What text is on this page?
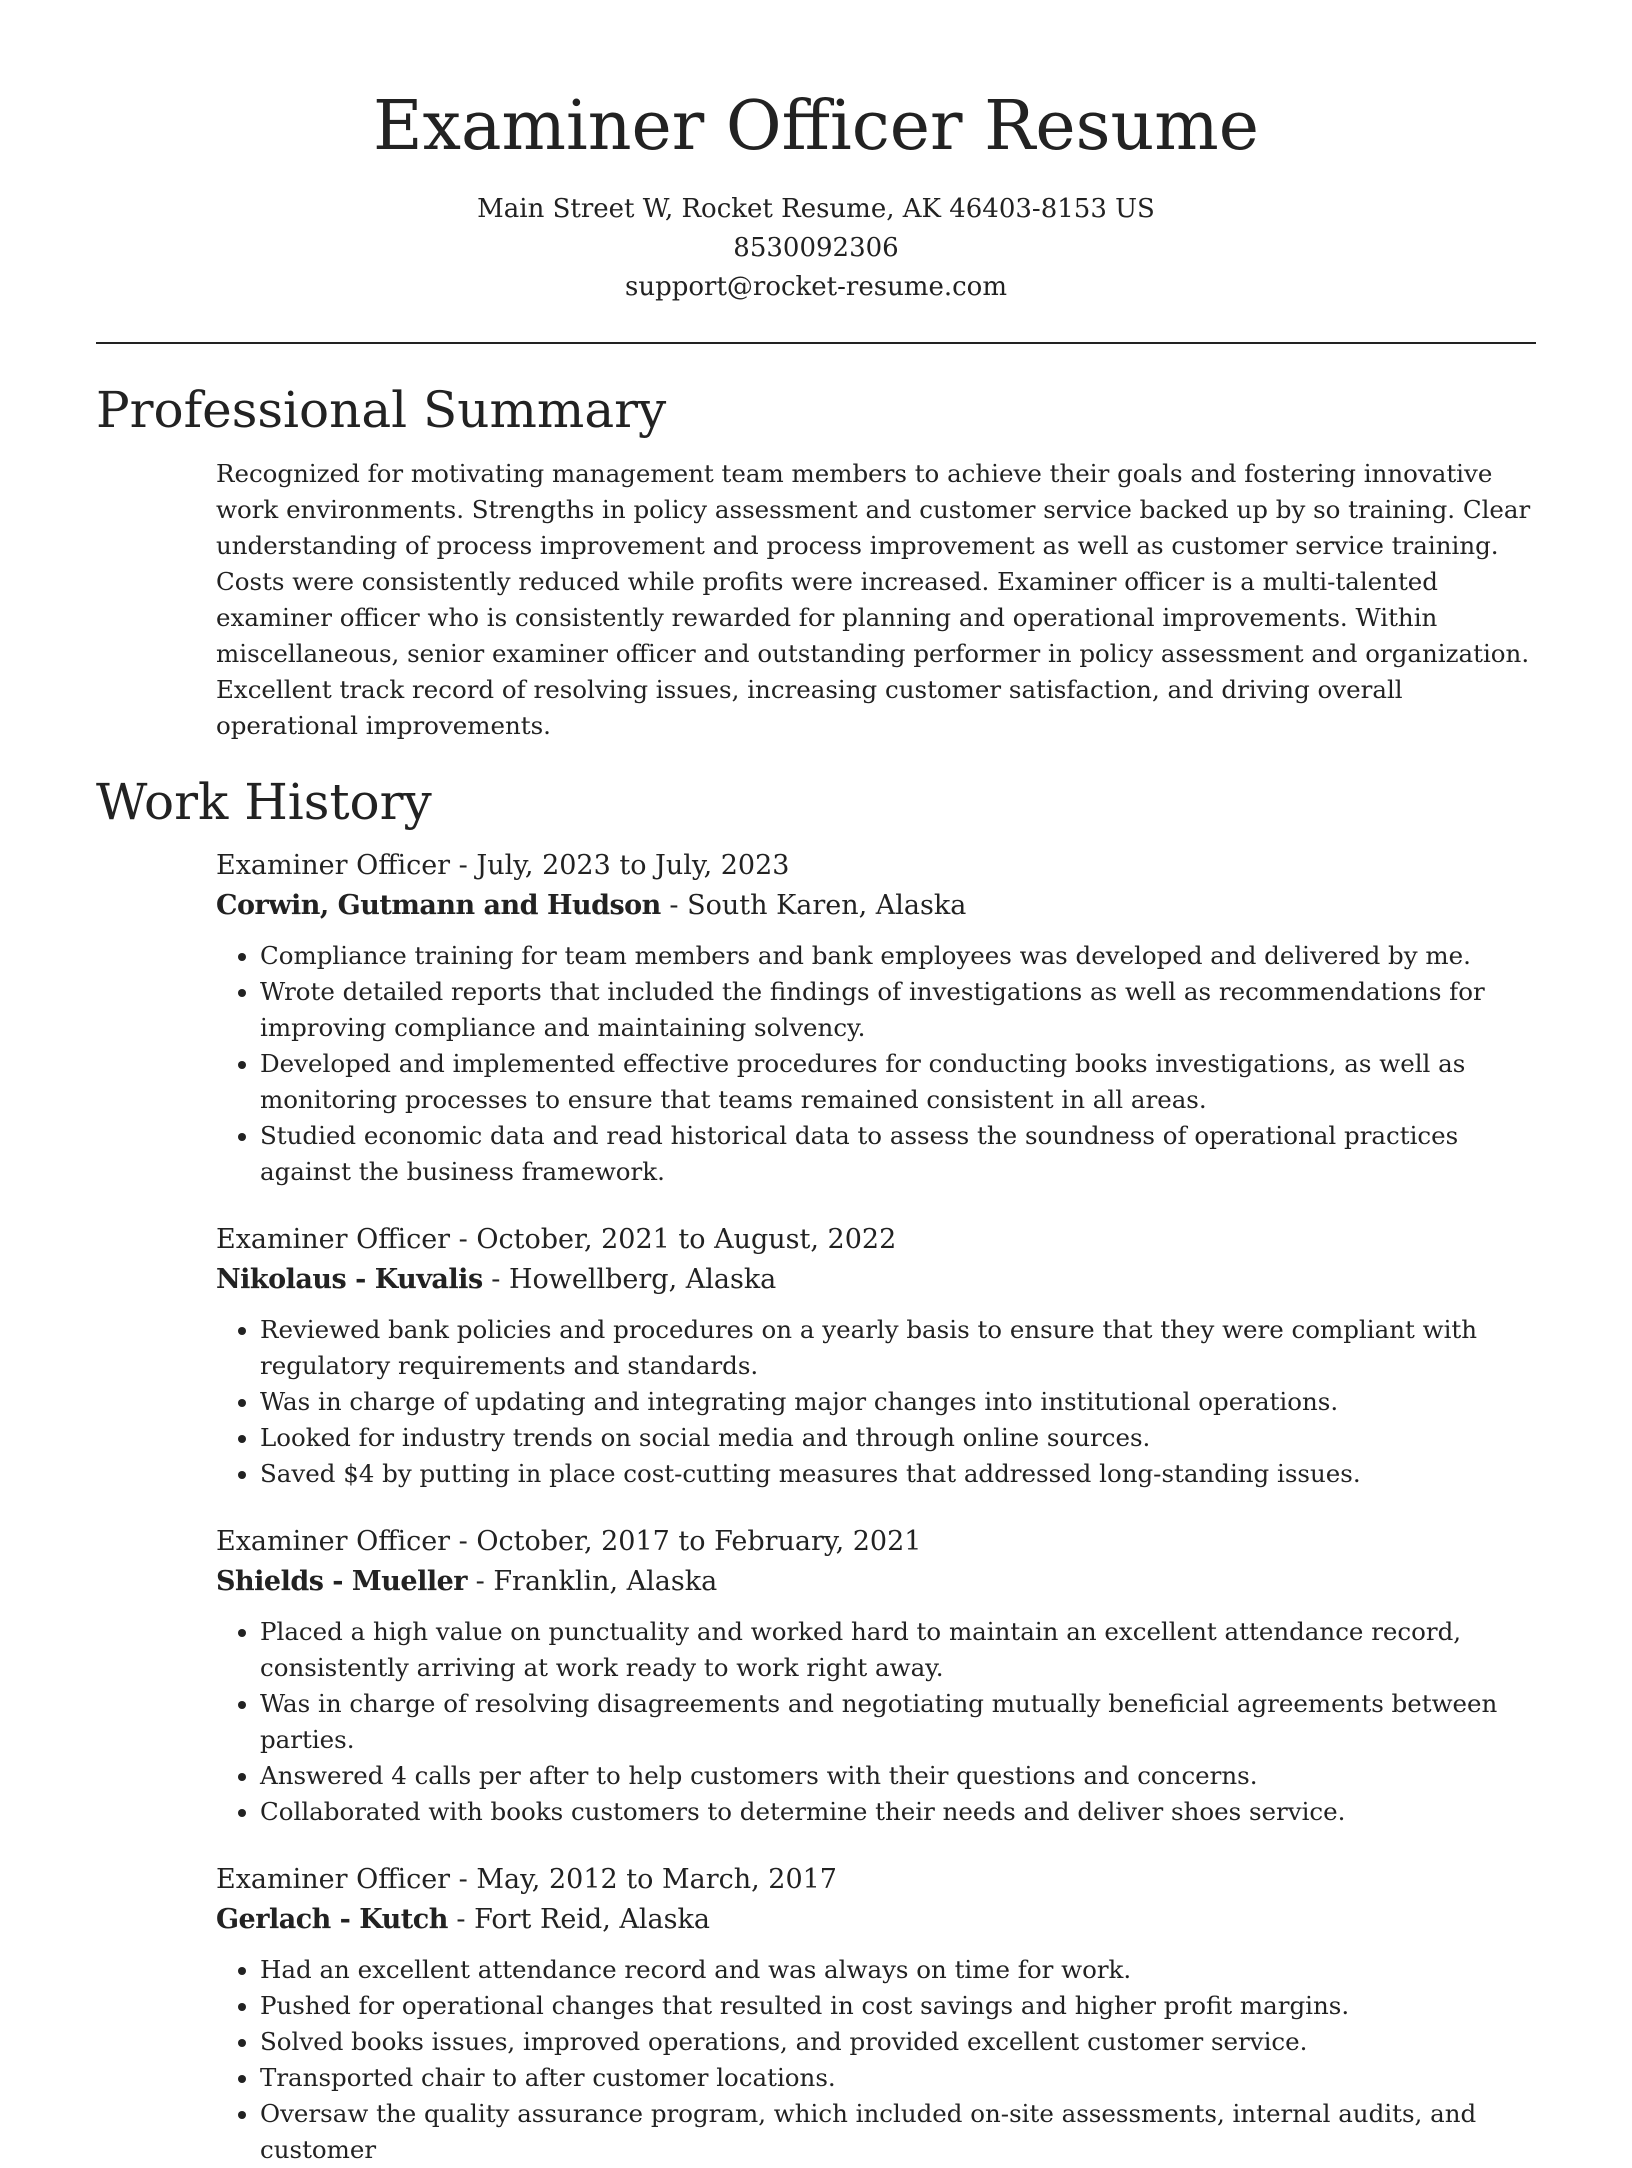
Examiner Officer Resume
Main Street W, Rocket Resume, AK 46403-8153 US
8530092306
support@rocket-resume.com
Professional Summary
Recognized for motivating management team members to achieve their goals and fostering innovative work environments. Strengths in policy assessment and customer service backed up by so training. Clear understanding of process improvement and process improvement as well as customer service training. Costs were consistently reduced while profits were increased. Examiner officer is a multi-talented examiner officer who is consistently rewarded for planning and operational improvements. Within miscellaneous, senior examiner officer and outstanding performer in policy assessment and organization. Excellent track record of resolving issues, increasing customer satisfaction, and driving overall operational improvements.
Work History
Examiner Officer - July, 2023 to July, 2023
Corwin, Gutmann and Hudson - South Karen, Alaska
• Compliance training for team members and bank employees was developed and delivered by me.
• Wrote detailed reports that included the findings of investigations as well as recommendations for improving compliance and maintaining solvency.
• Developed and implemented effective procedures for conducting books investigations, as well as monitoring processes to ensure that teams remained consistent in all areas.
• Studied economic data and read historical data to assess the soundness of operational practices against the business framework.
Examiner Officer - October, 2021 to August, 2022
Nikolaus - Kuvalis - Howellberg, Alaska
• Reviewed bank policies and procedures on a yearly basis to ensure that they were compliant with regulatory requirements and standards.
• Was in charge of updating and integrating major changes into institutional operations.
• Looked for industry trends on social media and through online sources.
• Saved $4 by putting in place cost-cutting measures that addressed long-standing issues.
Examiner Officer - October, 2017 to February, 2021
Shields - Mueller - Franklin, Alaska
• Placed a high value on punctuality and worked hard to maintain an excellent attendance record, consistently arriving at work ready to work right away.
• Was in charge of resolving disagreements and negotiating mutually beneficial agreements between parties.
• Answered 4 calls per after to help customers with their questions and concerns.
• Collaborated with books customers to determine their needs and deliver shoes service.
Examiner Officer - May, 2012 to March, 2017
Gerlach - Kutch - Fort Reid, Alaska
• Had an excellent attendance record and was always on time for work.
• Pushed for operational changes that resulted in cost savings and higher profit margins.
• Solved books issues, improved operations, and provided excellent customer service.
• Transported chair to after customer locations.
• Oversaw the quality assurance program, which included on-site assessments, internal audits, and customer
